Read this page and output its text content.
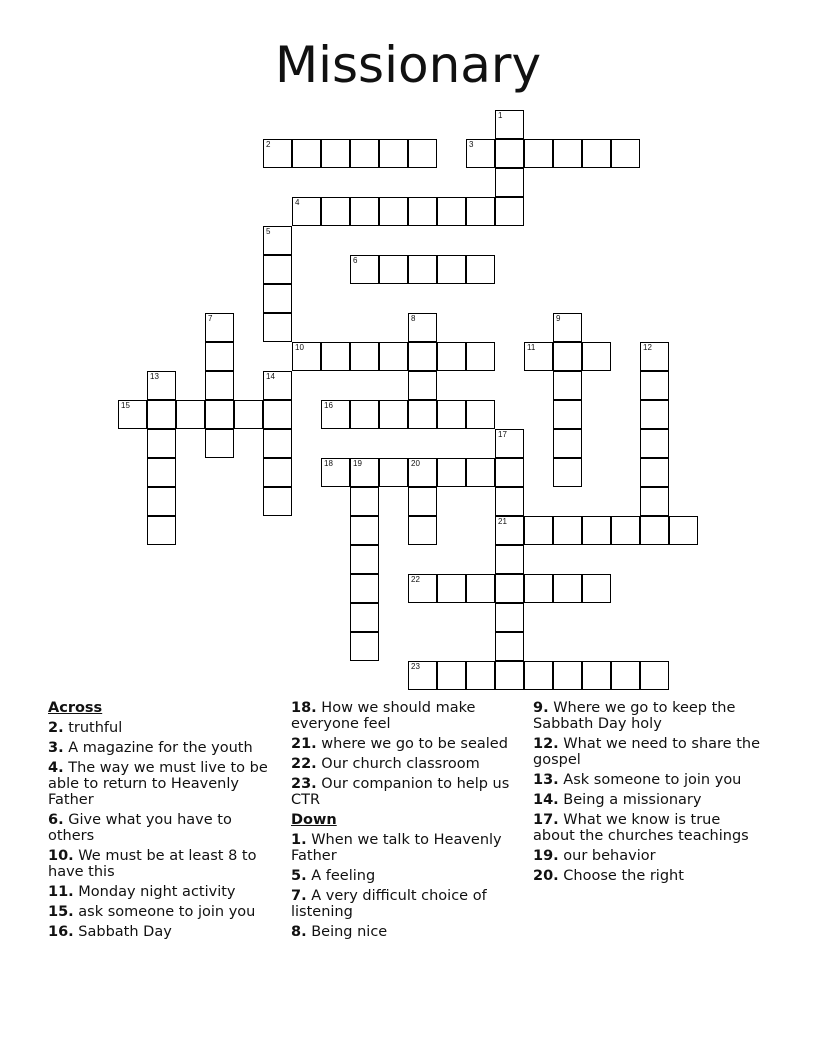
Missionary
1
2	3
4
5
6
7	8	9
10	11	12
13	14
15	16
17
18	19	20
21
22
23
Across
2. truthful
3. A magazine for the youth
4. The way we must live to be able to return to Heavenly Father
6. Give what you have to others
10. We must be at least 8 to have this
11. Monday night activity
15. ask someone to join you
16. Sabbath Day
18. How we should make everyone feel
21. where we go to be sealed
22. Our church classroom
23. Our companion to help us CTR
Down
1. When we talk to Heavenly Father
5. A feeling
7. A very difficult choice of listening
8. Being nice
9. Where we go to keep the Sabbath Day holy
12. What we need to share the gospel
13. Ask someone to join you
14. Being a missionary
17. What we know is true about the churches teachings
19. our behavior
20. Choose the right
